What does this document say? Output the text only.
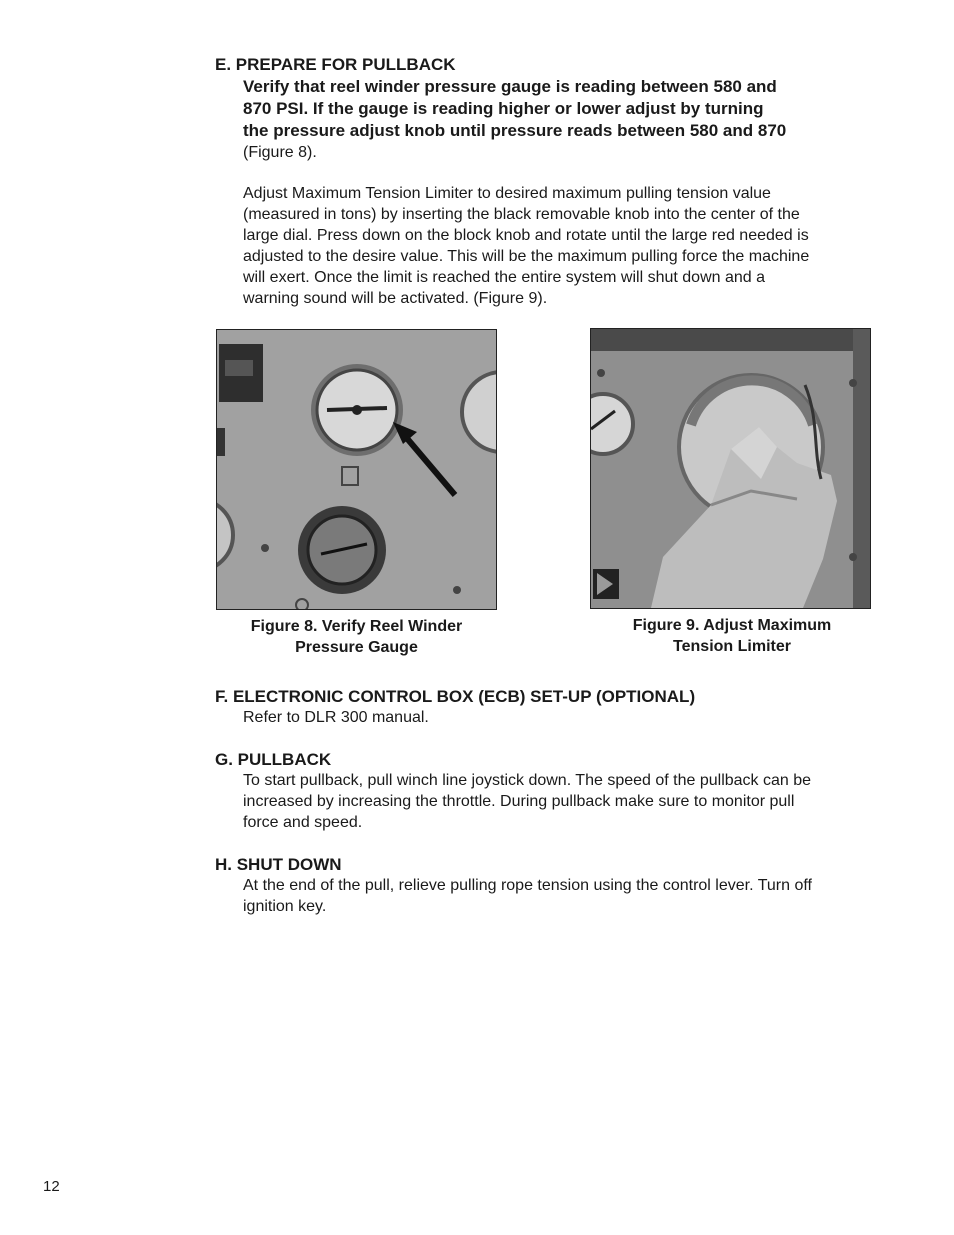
E. PREPARE FOR PULLBACK
Verify that reel winder pressure gauge is reading between 580 and
870 PSI. If the gauge is reading higher or lower adjust by turning
the pressure adjust knob until pressure reads between 580 and 870
(Figure 8).
Adjust Maximum Tension Limiter to desired maximum pulling tension value
(measured in tons) by inserting the black removable knob into the center of the
large dial. Press down on the block knob and rotate until the large red needed is
adjusted to the desire value. This will be the maximum pulling force the machine
will exert. Once the limit is reached the entire system will shut down and a
warning sound will be activated. (Figure 9).
Figure 8. Verify Reel Winder
Pressure Gauge
Figure 9. Adjust Maximum
Tension Limiter
F. ELECTRONIC CONTROL BOX (ECB) SET-UP (OPTIONAL)
Refer to DLR 300 manual.
G. PULLBACK
To start pullback, pull winch line joystick down. The speed of the pullback can be
increased by increasing the throttle. During pullback make sure to monitor pull
force and speed.
H. SHUT DOWN
At the end of the pull, relieve pulling rope tension using the control lever. Turn off
ignition key.
12
